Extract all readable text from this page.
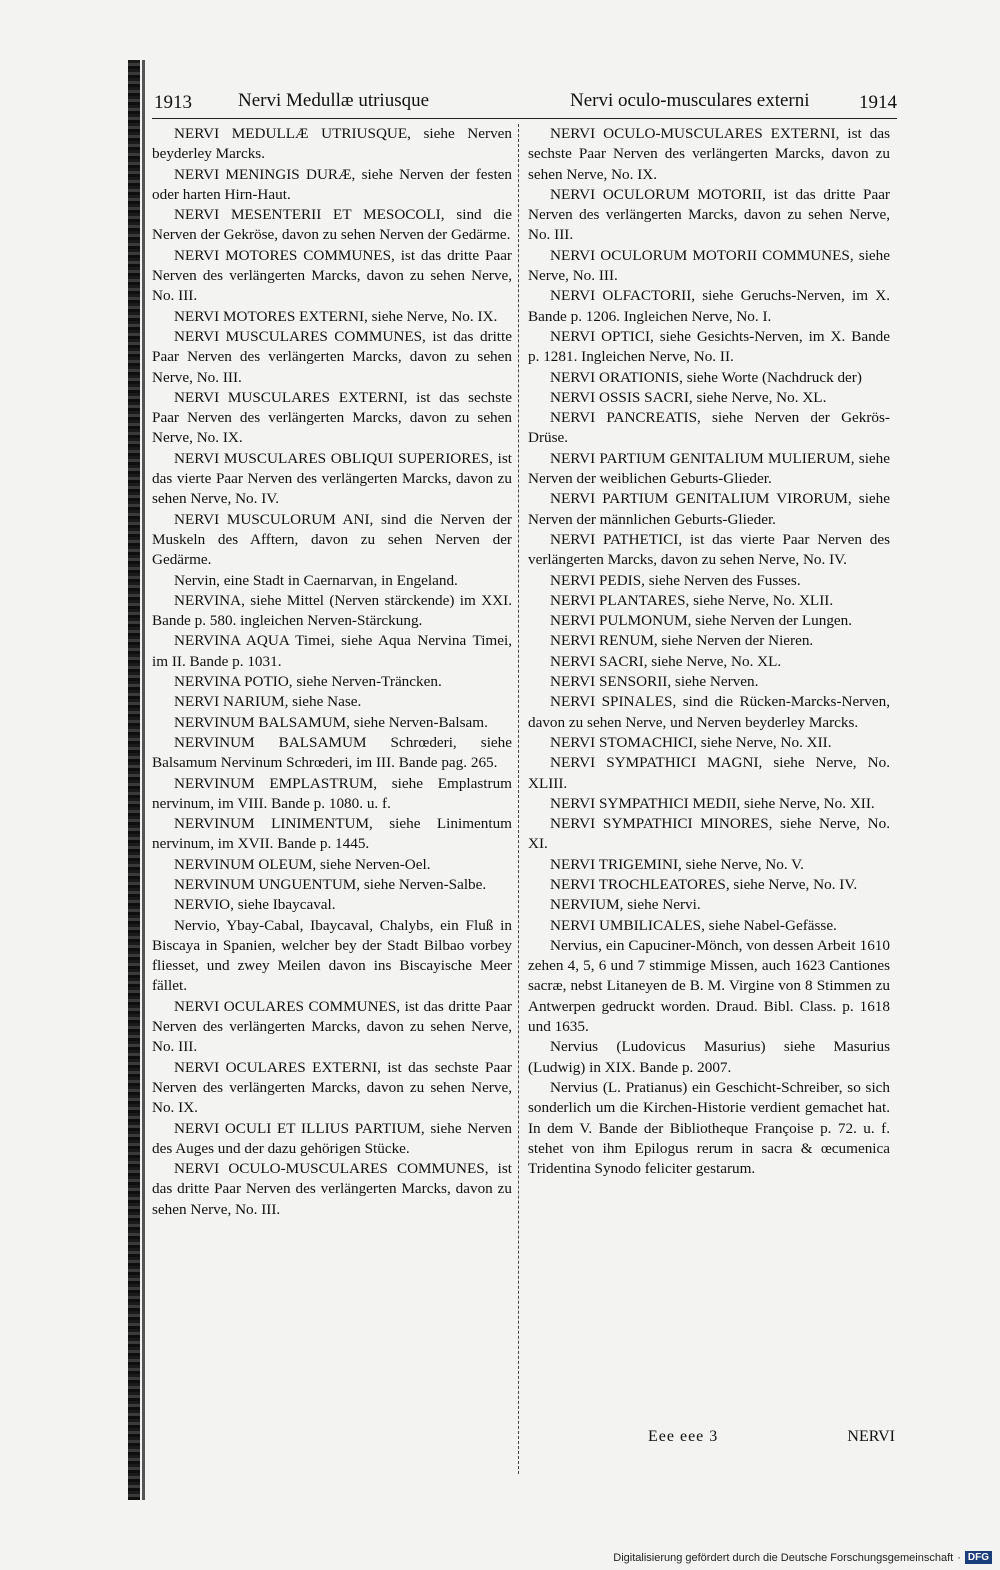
1913 Nervi Medullæ utriusque	Nervi oculo-musculares externi	1914
NERVI MEDULLÆ UTRIUSQUE, siehe Nerven beyderley Marcks.
NERVI MENINGIS DURÆ, siehe Nerven der festen oder harten Hirn-Haut.
NERVI MESENTERII ET MESOCOLI, sind die Nerven der Gekröse, davon zu sehen Nerven der Gedärme.
NERVI MOTORES COMMUNES, ist das dritte Paar Nerven des verlängerten Marcks, davon zu sehen Nerve, No. III.
NERVI MOTORES EXTERNI, siehe Nerve, No. IX.
NERVI MUSCULARES COMMUNES, ist das dritte Paar Nerven des verlängerten Marcks, davon zu sehen Nerve, No. III.
NERVI MUSCULARES EXTERNI, ist das sechste Paar Nerven des verlängerten Marcks, davon zu sehen Nerve, No. IX.
NERVI MUSCULARES OBLIQUI SUPERIORES, ist das vierte Paar Nerven des verlängerten Marcks, davon zu sehen Nerve, No. IV.
NERVI MUSCULORUM ANI, sind die Nerven der Muskeln des Afftern, davon zu sehen Nerven der Gedärme.
Nervin, eine Stadt in Caernarvan, in Engeland.
NERVINA, siehe Mittel (Nerven stärckende) im XXI. Bande p. 580. ingleichen Nerven-Stärckung.
NERVINA AQUA Timei, siehe Aqua Nervina Timei, im II. Bande p. 1031.
NERVINA POTIO, siehe Nerven-Träncken.
NERVI NARIUM, siehe Nase.
NERVINUM BALSAMUM, siehe Nerven-Balsam.
NERVINUM BALSAMUM Schrœderi, siehe Balsamum Nervinum Schrœderi, im III. Bande pag. 265.
NERVINUM EMPLASTRUM, siehe Emplastrum nervinum, im VIII. Bande p. 1080. u. f.
NERVINUM LINIMENTUM, siehe Linimentum nervinum, im XVII. Bande p. 1445.
NERVINUM OLEUM, siehe Nerven-Oel.
NERVINUM UNGUENTUM, siehe Nerven-Salbe.
NERVIO, siehe Ibaycaval.
Nervio, Ybay-Cabal, Ibaycaval, Chalybs, ein Fluß in Biscaya in Spanien, welcher bey der Stadt Bilbao vorbey fliesset, und zwey Meilen davon ins Biscayische Meer fället.
NERVI OCULARES COMMUNES, ist das dritte Paar Nerven des verlängerten Marcks, davon zu sehen Nerve, No. III.
NERVI OCULARES EXTERNI, ist das sechste Paar Nerven des verlängerten Marcks, davon zu sehen Nerve, No. IX.
NERVI OCULI ET ILLIUS PARTIUM, siehe Nerven des Auges und der dazu gehörigen Stücke.
NERVI OCULO-MUSCULARES COMMUNES, ist das dritte Paar Nerven des verlängerten Marcks, davon zu sehen Nerve, No. III.
NERVI OCULO-MUSCULARES EXTERNI, ist das sechste Paar Nerven des verlängerten Marcks, davon zu sehen Nerve, No. IX.
NERVI OCULORUM MOTORII, ist das dritte Paar Nerven des verlängerten Marcks, davon zu sehen Nerve, No. III.
NERVI OCULORUM MOTORII COMMUNES, siehe Nerve, No. III.
NERVI OLFACTORII, siehe Geruchs-Nerven, im X. Bande p. 1206. Ingleichen Nerve, No. I.
NERVI OPTICI, siehe Gesichts-Nerven, im X. Bande p. 1281. Ingleichen Nerve, No. II.
NERVI ORATIONIS, siehe Worte (Nachdruck der)
NERVI OSSIS SACRI, siehe Nerve, No. XL.
NERVI PANCREATIS, siehe Nerven der Gekrös-Drüse.
NERVI PARTIUM GENITALIUM MULIERUM, siehe Nerven der weiblichen Geburts-Glieder.
NERVI PARTIUM GENITALIUM VIRORUM, siehe Nerven der männlichen Geburts-Glieder.
NERVI PATHETICI, ist das vierte Paar Nerven des verlängerten Marcks, davon zu sehen Nerve, No. IV.
NERVI PEDIS, siehe Nerven des Fusses.
NERVI PLANTARES, siehe Nerve, No. XLII.
NERVI PULMONUM, siehe Nerven der Lungen.
NERVI RENUM, siehe Nerven der Nieren.
NERVI SACRI, siehe Nerve, No. XL.
NERVI SENSORII, siehe Nerven.
NERVI SPINALES, sind die Rücken-Marcks-Nerven, davon zu sehen Nerve, und Nerven beyderley Marcks.
NERVI STOMACHICI, siehe Nerve, No. XII.
NERVI SYMPATHICI MAGNI, siehe Nerve, No. XLIII.
NERVI SYMPATHICI MEDII, siehe Nerve, No. XII.
NERVI SYMPATHICI MINORES, siehe Nerve, No. XI.
NERVI TRIGEMINI, siehe Nerve, No. V.
NERVI TROCHLEATORES, siehe Nerve, No. IV.
NERVIUM, siehe Nervi.
NERVI UMBILICALES, siehe Nabel-Gefässe.
Nervius, ein Capuciner-Mönch, von dessen Arbeit 1610 zehen 4, 5, 6 und 7 stimmige Missen, auch 1623 Cantiones sacræ, nebst Litaneyen de B. M. Virgine von 8 Stimmen zu Antwerpen gedruckt worden. Draud. Bibl. Class. p. 1618 und 1635.
Nervius (Ludovicus Masurius) siehe Masurius (Ludwig) in XIX. Bande p. 2007.
Nervius (L. Pratianus) ein Geschicht-Schreiber, so sich sonderlich um die Kirchen-Historie verdient gemachet hat. In dem V. Bande der Bibliotheque Françoise p. 72. u. f. stehet von ihm Epilogus rerum in sacra & œcumenica Tridentina Synodo feliciter gestarum.
Eee eee 3	NERVI
Digitalisierung gefördert durch die Deutsche Forschungsgemeinschaft · DFG
